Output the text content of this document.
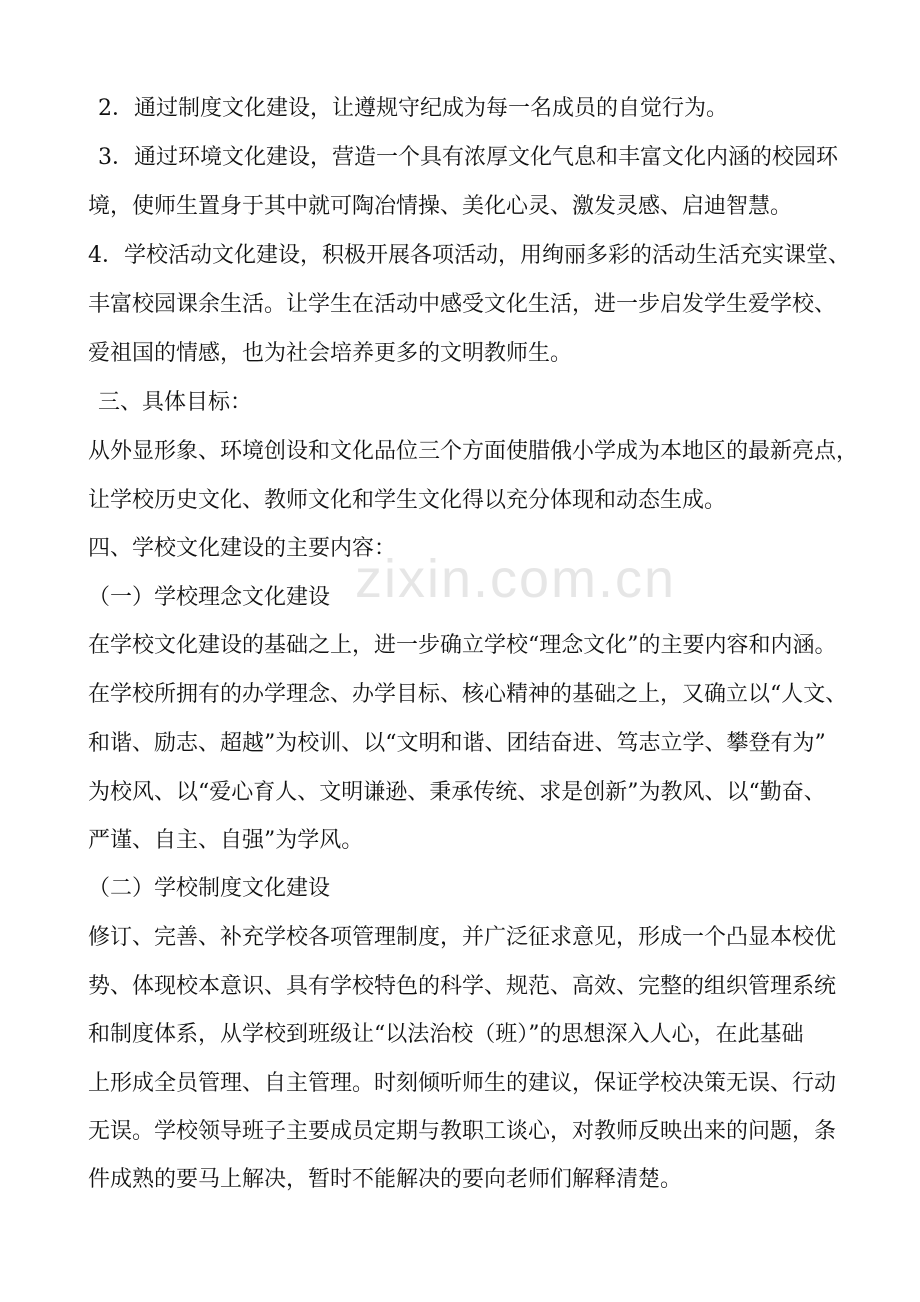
zixin.com.cn

2．通过制度文化建设，让遵规守纪成为每一名成员的自觉行为。

3．通过环境文化建设，营造一个具有浓厚文化气息和丰富文化内涵的校园环

境，使师生置身于其中就可陶冶情操、美化心灵、激发灵感、启迪智慧。

4．学校活动文化建设，积极开展各项活动，用绚丽多彩的活动生活充实课堂、

丰富校园课余生活。让学生在活动中感受文化生活，进一步启发学生爱学校、

爱祖国的情感，也为社会培养更多的文明教师生。

三、具体目标：

从外显形象、环境创设和文化品位三个方面使腊俄小学成为本地区的最新亮点，

让学校历史文化、教师文化和学生文化得以充分体现和动态生成。

四、学校文化建设的主要内容：

（一）学校理念文化建设

在学校文化建设的基础之上，进一步确立学校“理念文化”的主要内容和内涵。

在学校所拥有的办学理念、办学目标、核心精神的基础之上，又确立以“人文、

和谐、励志、超越”为校训、以“文明和谐、团结奋进、笃志立学、攀登有为”

为校风、以“爱心育人、文明谦逊、秉承传统、求是创新”为教风、以“勤奋、

严谨、自主、自强”为学风。

（二）学校制度文化建设

修订、完善、补充学校各项管理制度，并广泛征求意见，形成一个凸显本校优

势、体现校本意识、具有学校特色的科学、规范、高效、完整的组织管理系统

和制度体系，从学校到班级让“以法治校（班）”的思想深入人心，在此基础

上形成全员管理、自主管理。时刻倾听师生的建议，保证学校决策无误、行动

无误。学校领导班子主要成员定期与教职工谈心，对教师反映出来的问题，条

件成熟的要马上解决，暂时不能解决的要向老师们解释清楚。
